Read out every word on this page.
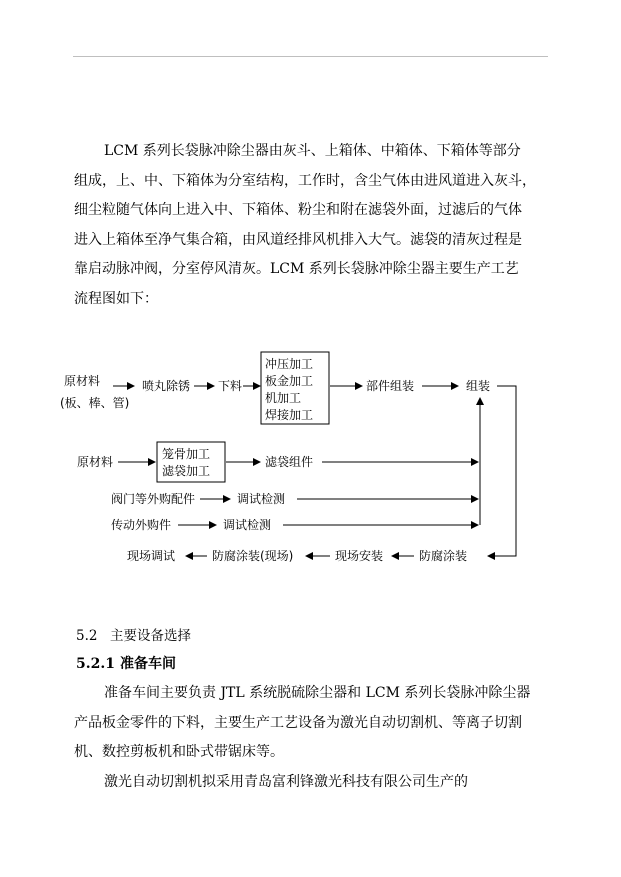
LCM 系列长袋脉冲除尘器由灰斗、上箱体、中箱体、下箱体等部分
组成，上、中、下箱体为分室结构，工作时，含尘气体由进风道进入灰斗，
细尘粒随气体向上进入中、下箱体、粉尘和附在滤袋外面，过滤后的气体
进入上箱体至净气集合箱，由风道经排风机排入大气。滤袋的清灰过程是
靠启动脉冲阀，分室停风清灰。LCM 系列长袋脉冲除尘器主要生产工艺
流程图如下：
原材料
(板、棒、管)
喷丸除锈 下料
冲压加工
板金加工
机加工
焊接加工
部件组装	组装
原材料
笼骨加工
滤袋加工
滤袋组件
阀门等外购配件	调试检测
传动外购件	调试检测
防腐涂装
现场安装
防腐涂装(现场)
现场调试

5.2 主要设备选择

5.2.1 准备车间

准备车间主要负责 JTL 系统脱硫除尘器和 LCM 系列长袋脉冲除尘器
产品板金零件的下料，主要生产工艺设备为激光自动切割机、等离子切割
机、数控剪板机和卧式带锯床等。
激光自动切割机拟采用青岛富利锋激光科技有限公司生产的
